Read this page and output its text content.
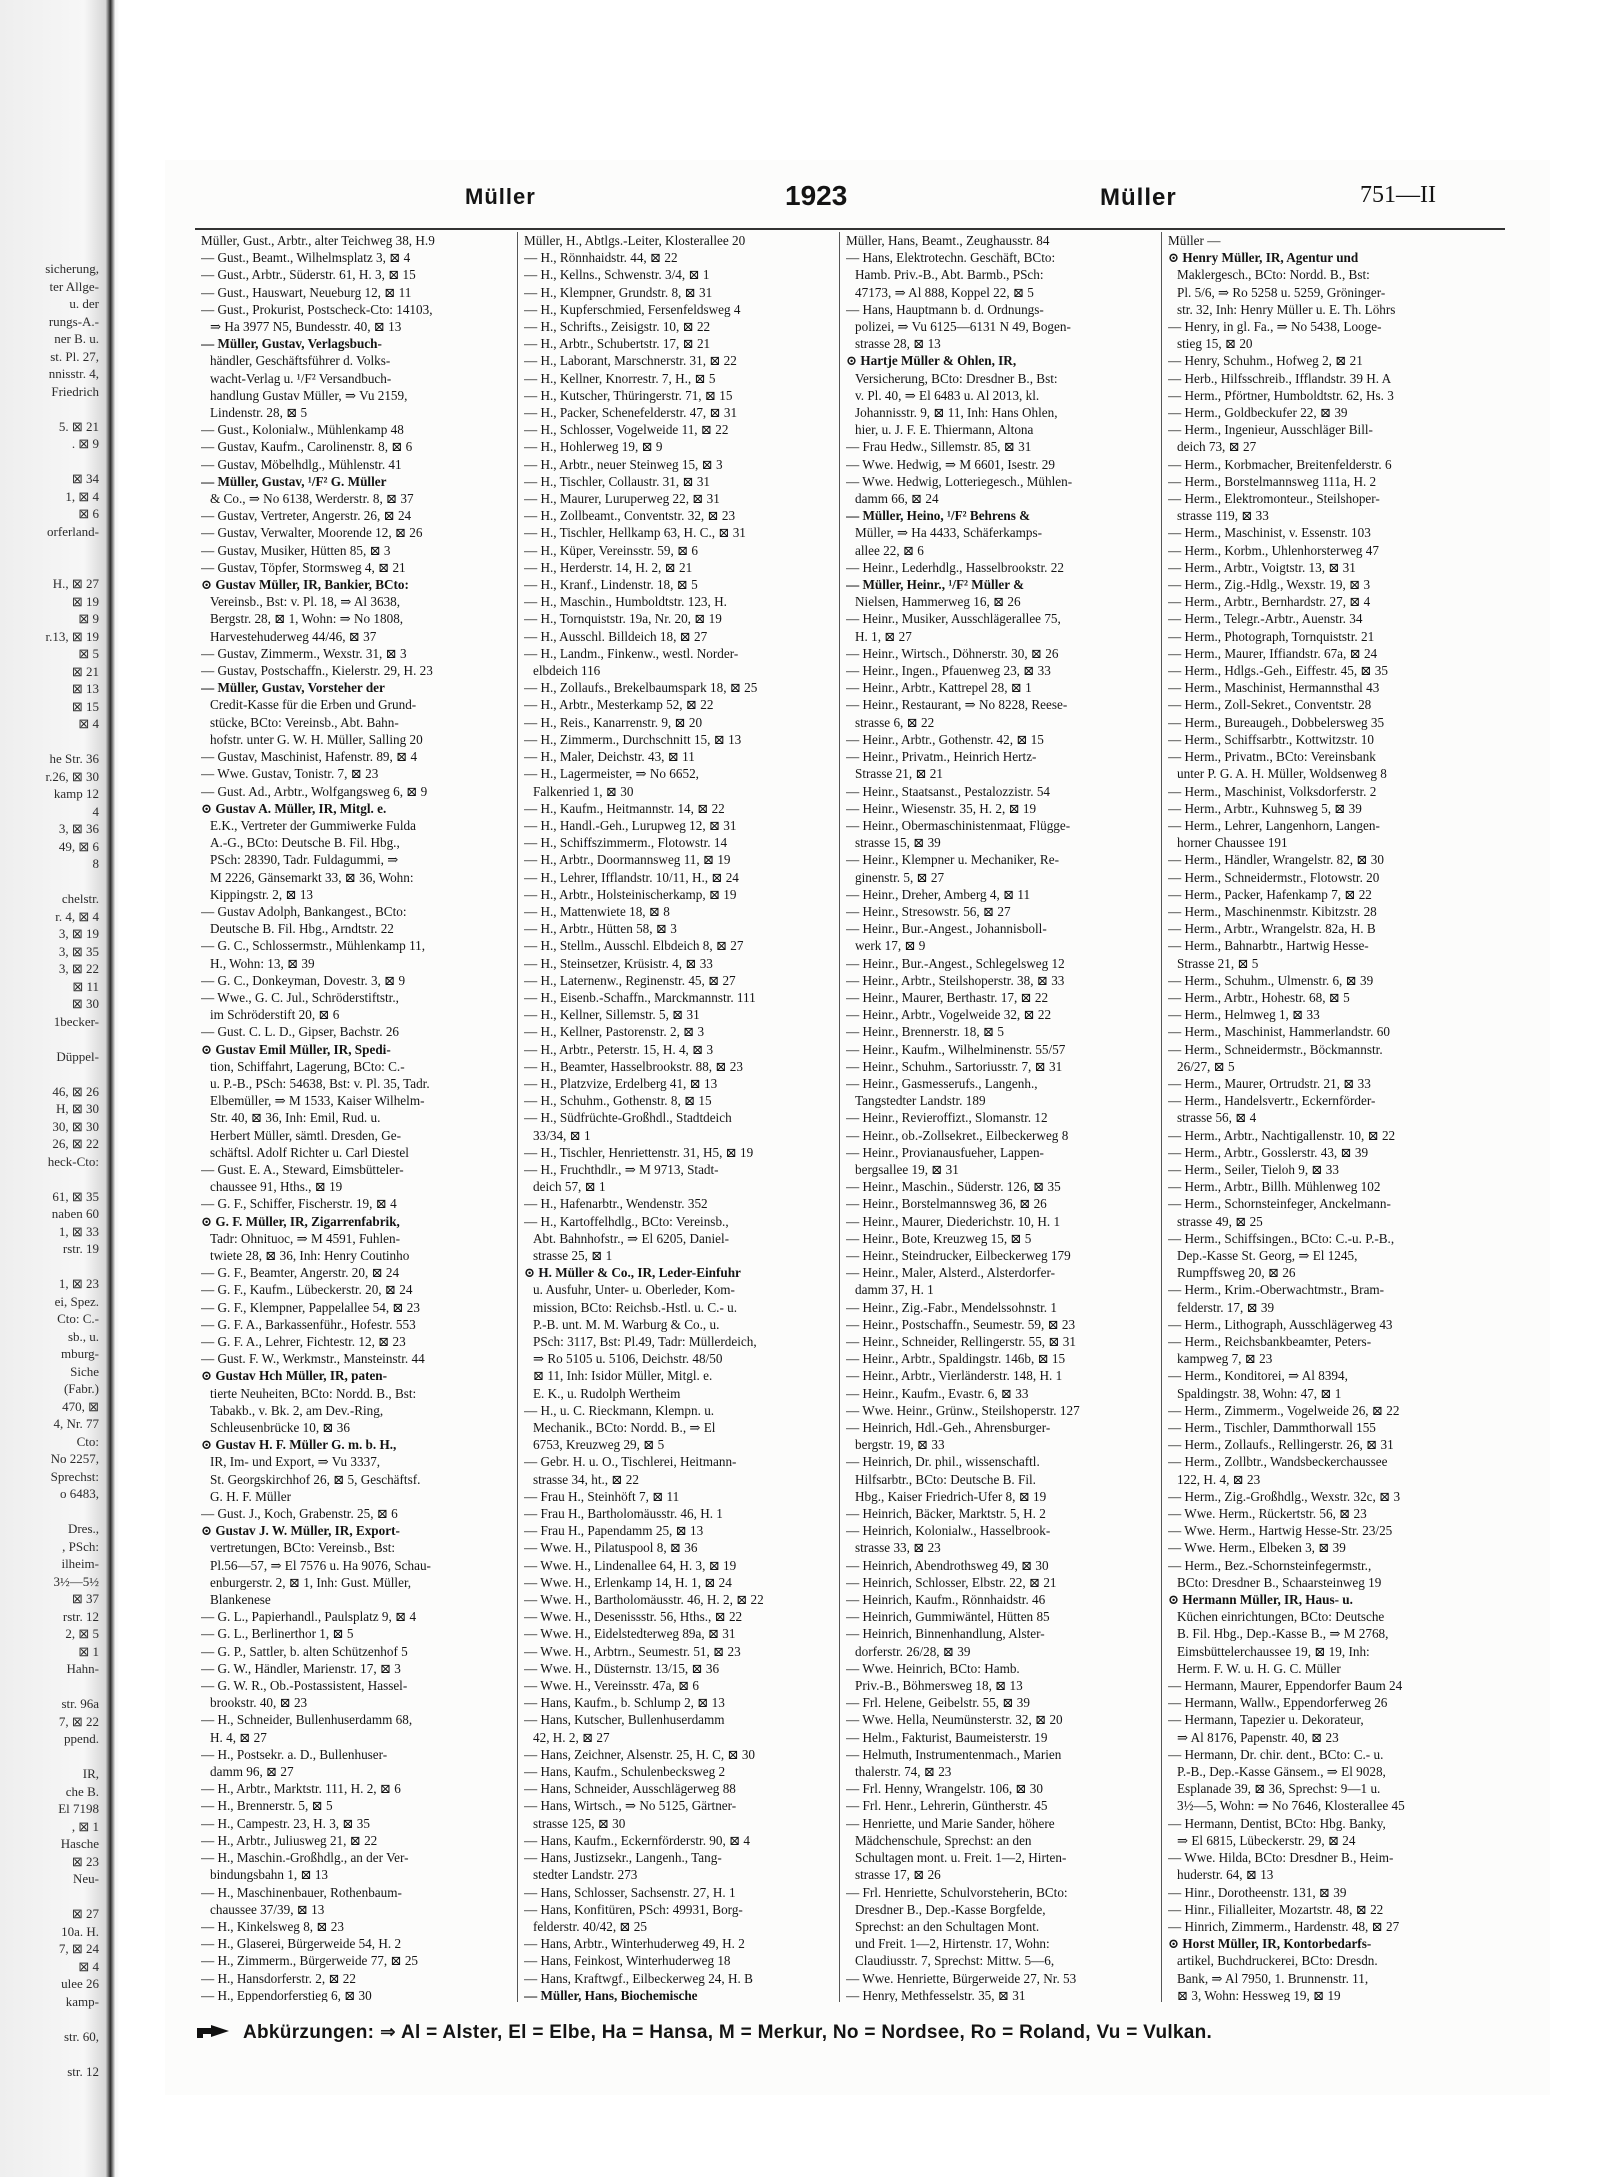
sicherung,
ter Allge-
u. der
rungs-A.-
ner B. u.
st. Pl. 27,
nnisstr. 4,
Friedrich

5. ⊠ 21
. ⊠ 9

⊠ 34
1, ⊠ 4
⊠ 6
orferland-

H., ⊠ 27
⊠ 19
⊠ 9
r.13, ⊠ 19
⊠ 5
⊠ 21
⊠ 13
⊠ 15
⊠ 4

he Str. 36
r.26, ⊠ 30
kamp 12
4
3, ⊠ 36
49, ⊠ 6
8

chelstr.
r. 4, ⊠ 4
3, ⊠ 19
3, ⊠ 35
3, ⊠ 22
⊠ 11
⊠ 30
1becker-

Düppel-

46, ⊠ 26
H, ⊠ 30
30, ⊠ 30
26, ⊠ 22
heck-Cto:

61, ⊠ 35
naben 60
1, ⊠ 33
rstr. 19

1, ⊠ 23
ei, Spez.
Cto: C.-
sb., u.
mburg-
Siche
(Fabr.)
470, ⊠
4, Nr. 77
Cto:
No 2257,
Sprechst:
o 6483,

Dres.,
, PSch:
ilheim-
3½—5½
⊠ 37
rstr. 12
2, ⊠ 5
⊠ 1
Hahn-

str. 96a
7, ⊠ 22
ppend.

IR,
che B.
El 7198
, ⊠ 1
Hasche
⊠ 23
Neu-

⊠ 27
10a. H.
7, ⊠ 24
⊠ 4
ulee 26
kamp-

str. 60,

str. 12
Müller	1923	Müller	751—II
Müller, Gust., Arbtr., alter Teichweg 38, H.9
— Gust., Beamt., Wilhelmsplatz 3, ⊠ 4
— Gust., Arbtr., Süderstr. 61, H. 3, ⊠ 15
— Gust., Hauswart, Neueburg 12, ⊠ 11
— Gust., Prokurist, Postscheck-Cto: 14103,
⇒ Ha 3977 N5, Bundesstr. 40, ⊠ 13
— Müller, Gustav, Verlagsbuch-
händler, Geschäftsführer d. Volks-
wacht-Verlag u. ¹/F² Versandbuch-
handlung Gustav Müller, ⇒ Vu 2159,
Lindenstr. 28, ⊠ 5
— Gust., Kolonialw., Mühlenkamp 48
— Gustav, Kaufm., Carolinenstr. 8, ⊠ 6
— Gustav, Möbelhdlg., Mühlenstr. 41
— Müller, Gustav, ¹/F² G. Müller
& Co., ⇒ No 6138, Werderstr. 8, ⊠ 37
— Gustav, Vertreter, Angerstr. 26, ⊠ 24
— Gustav, Verwalter, Moorende 12, ⊠ 26
— Gustav, Musiker, Hütten 85, ⊠ 3
— Gustav, Töpfer, Stormsweg 4, ⊠ 21
⊙ Gustav Müller, IR, Bankier, BCto:
Vereinsb., Bst: v. Pl. 18, ⇒ Al 3638,
Bergstr. 28, ⊠ 1, Wohn: ⇒ No 1808,
Harvestehuderweg 44/46, ⊠ 37
— Gustav, Zimmerm., Wexstr. 31, ⊠ 3
— Gustav, Postschaffn., Kielerstr. 29, H. 23
— Müller, Gustav, Vorsteher der
Credit-Kasse für die Erben und Grund-
stücke, BCto: Vereinsb., Abt. Bahn-
hofstr. unter G. W. H. Müller, Salling 20
— Gustav, Maschinist, Hafenstr. 89, ⊠ 4
— Wwe. Gustav, Tonistr. 7, ⊠ 23
— Gust. Ad., Arbtr., Wolfgangsweg 6, ⊠ 9
⊙ Gustav A. Müller, IR, Mitgl. e.
E.K., Vertreter der Gummiwerke Fulda
A.-G., BCto: Deutsche B. Fil. Hbg.,
PSch: 28390, Tadr. Fuldagummi, ⇒
M 2226, Gänsemarkt 33, ⊠ 36, Wohn:
Kippingstr. 2, ⊠ 13
— Gustav Adolph, Bankangest., BCto:
Deutsche B. Fil. Hbg., Arndtstr. 22
— G. C., Schlossermstr., Mühlenkamp 11,
H., Wohn: 13, ⊠ 39
— G. C., Donkeyman, Dovestr. 3, ⊠ 9
— Wwe., G. C. Jul., Schröderstiftstr.,
im Schröderstift 20, ⊠ 6
— Gust. C. L. D., Gipser, Bachstr. 26
⊙ Gustav Emil Müller, IR, Spedi-
tion, Schiffahrt, Lagerung, BCto: C.-
u. P.-B., PSch: 54638, Bst: v. Pl. 35, Tadr.
Elbemüller, ⇒ M 1533, Kaiser Wilhelm-
Str. 40, ⊠ 36, Inh: Emil, Rud. u.
Herbert Müller, sämtl. Dresden, Ge-
schäftsl. Adolf Richter u. Carl Diestel
— Gust. E. A., Steward, Eimsbütteler-
chaussee 91, Hths., ⊠ 19
— G. F., Schiffer, Fischerstr. 19, ⊠ 4
⊙ G. F. Müller, IR, Zigarrenfabrik,
Tadr: Ohnituoc, ⇒ M 4591, Fuhlen-
twiete 28, ⊠ 36, Inh: Henry Coutinho
— G. F., Beamter, Angerstr. 20, ⊠ 24
— G. F., Kaufm., Lübeckerstr. 20, ⊠ 24
— G. F., Klempner, Pappelallee 54, ⊠ 23
— G. F. A., Barkassenführ., Hofestr. 553
— G. F. A., Lehrer, Fichtestr. 12, ⊠ 23
— Gust. F. W., Werkmstr., Mansteinstr. 44
⊙ Gustav Hch Müller, IR, paten-
tierte Neuheiten, BCto: Nordd. B., Bst:
Tabakb., v. Bk. 2, am Dev.-Ring,
Schleusenbrücke 10, ⊠ 36
⊙ Gustav H. F. Müller G. m. b. H.,
IR, Im- und Export, ⇒ Vu 3337,
St. Georgskirchhof 26, ⊠ 5, Geschäftsf.
G. H. F. Müller
— Gust. J., Koch, Grabenstr. 25, ⊠ 6
⊙ Gustav J. W. Müller, IR, Export-
vertretungen, BCto: Vereinsb., Bst:
Pl.56—57, ⇒ El 7576 u. Ha 9076, Schau-
enburgerstr. 2, ⊠ 1, Inh: Gust. Müller,
Blankenese
— G. L., Papierhandl., Paulsplatz 9, ⊠ 4
— G. L., Berlinerthor 1, ⊠ 5
— G. P., Sattler, b. alten Schützenhof 5
— G. W., Händler, Marienstr. 17, ⊠ 3
— G. W. R., Ob.-Postassistent, Hassel-
brookstr. 40, ⊠ 23
— H., Schneider, Bullenhuserdamm 68,
H. 4, ⊠ 27
— H., Postsekr. a. D., Bullenhuser-
damm 96, ⊠ 27
— H., Arbtr., Marktstr. 111, H. 2, ⊠ 6
— H., Brennerstr. 5, ⊠ 5
— H., Campestr. 23, H. 3, ⊠ 35
— H., Arbtr., Juliusweg 21, ⊠ 22
— H., Maschin.-Großhdlg., an der Ver-
bindungsbahn 1, ⊠ 13
— H., Maschinenbauer, Rothenbaum-
chaussee 37/39, ⊠ 13
— H., Kinkelsweg 8, ⊠ 23
— H., Glaserei, Bürgerweide 54, H. 2
— H., Zimmerm., Bürgerweide 77, ⊠ 25
— H., Hansdorferstr. 2, ⊠ 22
— H., Eppendorferstieg 6, ⊠ 30
Müller, H., Abtlgs.-Leiter, Klosterallee 20
— H., Rönnhaidstr. 44, ⊠ 22
— H., Kellns., Schwenstr. 3/4, ⊠ 1
— H., Klempner, Grundstr. 8, ⊠ 31
— H., Kupferschmied, Fersenfeldsweg 4
— H., Schrifts., Zeisigstr. 10, ⊠ 22
— H., Arbtr., Schubertstr. 17, ⊠ 21
— H., Laborant, Marschnerstr. 31, ⊠ 22
— H., Kellner, Knorrestr. 7, H., ⊠ 5
— H., Kutscher, Thüringerstr. 71, ⊠ 15
— H., Packer, Schenefelderstr. 47, ⊠ 31
— H., Schlosser, Vogelweide 11, ⊠ 22
— H., Hohlerweg 19, ⊠ 9
— H., Arbtr., neuer Steinweg 15, ⊠ 3
— H., Tischler, Collaustr. 31, ⊠ 31
— H., Maurer, Luruperweg 22, ⊠ 31
— H., Zollbeamt., Conventstr. 32, ⊠ 23
— H., Tischler, Hellkamp 63, H. C., ⊠ 31
— H., Küper, Vereinsstr. 59, ⊠ 6
— H., Herderstr. 14, H. 2, ⊠ 21
— H., Kranf., Lindenstr. 18, ⊠ 5
— H., Maschin., Humboldtstr. 123, H.
— H., Tornquiststr. 19a, Nr. 20, ⊠ 19
— H., Ausschl. Billdeich 18, ⊠ 27
— H., Landm., Finkenw., westl. Norder-
elbdeich 116
— H., Zollaufs., Brekelbaumspark 18, ⊠ 25
— H., Arbtr., Mesterkamp 52, ⊠ 22
— H., Reis., Kanarrenstr. 9, ⊠ 20
— H., Zimmerm., Durchschnitt 15, ⊠ 13
— H., Maler, Deichstr. 43, ⊠ 11
— H., Lagermeister, ⇒ No 6652,
Falkenried 1, ⊠ 30
— H., Kaufm., Heitmannstr. 14, ⊠ 22
— H., Handl.-Geh., Lurupweg 12, ⊠ 31
— H., Schiffszimmerm., Flotowstr. 14
— H., Arbtr., Doormannsweg 11, ⊠ 19
— H., Lehrer, Ifflandstr. 10/11, H., ⊠ 24
— H., Arbtr., Holsteinischerkamp, ⊠ 19
— H., Mattenwiete 18, ⊠ 8
— H., Arbtr., Hütten 58, ⊠ 3
— H., Stellm., Ausschl. Elbdeich 8, ⊠ 27
— H., Steinsetzer, Krüsistr. 4, ⊠ 33
— H., Laternenw., Reginenstr. 45, ⊠ 27
— H., Eisenb.-Schaffn., Marckmannstr. 111
— H., Kellner, Sillemstr. 5, ⊠ 31
— H., Kellner, Pastorenstr. 2, ⊠ 3
— H., Arbtr., Peterstr. 15, H. 4, ⊠ 3
— H., Beamter, Hasselbrookstr. 88, ⊠ 23
— H., Platzvize, Erdelberg 41, ⊠ 13
— H., Schuhm., Gothenstr. 8, ⊠ 15
— H., Südfrüchte-Großhdl., Stadtdeich
33/34, ⊠ 1
— H., Tischler, Henriettenstr. 31, H5, ⊠ 19
— H., Fruchthdlr., ⇒ M 9713, Stadt-
deich 57, ⊠ 1
— H., Hafenarbtr., Wendenstr. 352
— H., Kartoffelhdlg., BCto: Vereinsb.,
Abt. Bahnhofstr., ⇒ El 6205, Daniel-
strasse 25, ⊠ 1
⊙ H. Müller & Co., IR, Leder-Einfuhr
u. Ausfuhr, Unter- u. Oberleder, Kom-
mission, BCto: Reichsb.-Hstl. u. C.- u.
P.-B. unt. M. M. Warburg & Co., u.
PSch: 3117, Bst: Pl.49, Tadr: Müllerdeich,
⇒ Ro 5105 u. 5106, Deichstr. 48/50
⊠ 11, Inh: Isidor Müller, Mitgl. e.
E. K., u. Rudolph Wertheim
— H., u. C. Rieckmann, Klempn. u.
Mechanik., BCto: Nordd. B., ⇒ El
6753, Kreuzweg 29, ⊠ 5
— Gebr. H. u. O., Tischlerei, Heitmann-
strasse 34, ht., ⊠ 22
— Frau H., Steinhöft 7, ⊠ 11
— Frau H., Bartholomäusstr. 46, H. 1
— Frau H., Papendamm 25, ⊠ 13
— Wwe. H., Pilatuspool 8, ⊠ 36
— Wwe. H., Lindenallee 64, H. 3, ⊠ 19
— Wwe. H., Erlenkamp 14, H. 1, ⊠ 24
— Wwe. H., Bartholomäusstr. 46, H. 2, ⊠ 22
— Wwe. H., Desenissstr. 56, Hths., ⊠ 22
— Wwe. H., Eidelstedterweg 89a, ⊠ 31
— Wwe. H., Arbtrn., Seumestr. 51, ⊠ 23
— Wwe. H., Düsternstr. 13/15, ⊠ 36
— Wwe. H., Vereinsstr. 47a, ⊠ 6
— Hans, Kaufm., b. Schlump 2, ⊠ 13
— Hans, Kutscher, Bullenhuserdamm
42, H. 2, ⊠ 27
— Hans, Zeichner, Alsenstr. 25, H. C, ⊠ 30
— Hans, Kaufm., Schulenbecksweg 2
— Hans, Schneider, Ausschlägerweg 88
— Hans, Wirtsch., ⇒ No 5125, Gärtner-
strasse 125, ⊠ 30
— Hans, Kaufm., Eckernförderstr. 90, ⊠ 4
— Hans, Justizsekr., Langenh., Tang-
stedter Landstr. 273
— Hans, Schlosser, Sachsenstr. 27, H. 1
— Hans, Konfitüren, PSch: 49931, Borg-
felderstr. 40/42, ⊠ 25
— Hans, Arbtr., Winterhuderweg 49, H. 2
— Hans, Feinkost, Winterhuderweg 18
— Hans, Kraftwgf., Eilbeckerweg 24, H. B
— Müller, Hans, Biochemische
Müller, Hans, Beamt., Zeughausstr. 84
— Hans, Elektrotechn. Geschäft, BCto:
Hamb. Priv.-B., Abt. Barmb., PSch:
47173, ⇒ Al 888, Koppel 22, ⊠ 5
— Hans, Hauptmann b. d. Ordnungs-
polizei, ⇒ Vu 6125—6131 N 49, Bogen-
strasse 28, ⊠ 13
⊙ Hartje Müller & Ohlen, IR,
Versicherung, BCto: Dresdner B., Bst:
v. Pl. 40, ⇒ El 6483 u. Al 2013, kl.
Johannisstr. 9, ⊠ 11, Inh: Hans Ohlen,
hier, u. J. F. E. Thiermann, Altona
— Frau Hedw., Sillemstr. 85, ⊠ 31
— Wwe. Hedwig, ⇒ M 6601, Isestr. 29
— Wwe. Hedwig, Lotteriegesch., Mühlen-
damm 66, ⊠ 24
— Müller, Heino, ¹/F² Behrens &
Müller, ⇒ Ha 4433, Schäferkamps-
allee 22, ⊠ 6
— Heinr., Lederhdlg., Hasselbrookstr. 22
— Müller, Heinr., ¹/F² Müller &
Nielsen, Hammerweg 16, ⊠ 26
— Heinr., Musiker, Ausschlägerallee 75,
H. 1, ⊠ 27
— Heinr., Wirtsch., Döhnerstr. 30, ⊠ 26
— Heinr., Ingen., Pfauenweg 23, ⊠ 33
— Heinr., Arbtr., Kattrepel 28, ⊠ 1
— Heinr., Restaurant, ⇒ No 8228, Reese-
strasse 6, ⊠ 22
— Heinr., Arbtr., Gothenstr. 42, ⊠ 15
— Heinr., Privatm., Heinrich Hertz-
Strasse 21, ⊠ 21
— Heinr., Staatsanst., Pestalozzistr. 54
— Heinr., Wiesenstr. 35, H. 2, ⊠ 19
— Heinr., Obermaschinistenmaat, Flügge-
strasse 15, ⊠ 39
— Heinr., Klempner u. Mechaniker, Re-
ginenstr. 5, ⊠ 27
— Heinr., Dreher, Amberg 4, ⊠ 11
— Heinr., Stresowstr. 56, ⊠ 27
— Heinr., Bur.-Angest., Johannisboll-
werk 17, ⊠ 9
— Heinr., Bur.-Angest., Schlegelsweg 12
— Heinr., Arbtr., Steilshoperstr. 38, ⊠ 33
— Heinr., Maurer, Berthastr. 17, ⊠ 22
— Heinr., Arbtr., Vogelweide 32, ⊠ 22
— Heinr., Brennerstr. 18, ⊠ 5
— Heinr., Kaufm., Wilhelminenstr. 55/57
— Heinr., Schuhm., Sartoriusstr. 7, ⊠ 31
— Heinr., Gasmesserufs., Langenh.,
Tangstedter Landstr. 189
— Heinr., Revieroffizt., Slomanstr. 12
— Heinr., ob.-Zollsekret., Eilbeckerweg 8
— Heinr., Provianausfueher, Lappen-
bergsallee 19, ⊠ 31
— Heinr., Maschin., Süderstr. 126, ⊠ 35
— Heinr., Borstelmannsweg 36, ⊠ 26
— Heinr., Maurer, Diederichstr. 10, H. 1
— Heinr., Bote, Kreuzweg 15, ⊠ 5
— Heinr., Steindrucker, Eilbeckerweg 179
— Heinr., Maler, Alsterd., Alsterdorfer-
damm 37, H. 1
— Heinr., Zig.-Fabr., Mendelssohnstr. 1
— Heinr., Postschaffn., Seumestr. 59, ⊠ 23
— Heinr., Schneider, Rellingerstr. 55, ⊠ 31
— Heinr., Arbtr., Spaldingstr. 146b, ⊠ 15
— Heinr., Arbtr., Vierländerstr. 148, H. 1
— Heinr., Kaufm., Evastr. 6, ⊠ 33
— Wwe. Heinr., Grünw., Steilshoperstr. 127
— Heinrich, Hdl.-Geh., Ahrensburger-
bergstr. 19, ⊠ 33
— Heinrich, Dr. phil., wissenschaftl.
Hilfsarbtr., BCto: Deutsche B. Fil.
Hbg., Kaiser Friedrich-Ufer 8, ⊠ 19
— Heinrich, Bäcker, Marktstr. 5, H. 2
— Heinrich, Kolonialw., Hasselbrook-
strasse 33, ⊠ 23
— Heinrich, Abendrothsweg 49, ⊠ 30
— Heinrich, Schlosser, Elbstr. 22, ⊠ 21
— Heinrich, Kaufm., Rönnhaidstr. 46
— Heinrich, Gummiwäntel, Hütten 85
— Heinrich, Binnenhandlung, Alster-
dorferstr. 26/28, ⊠ 39
— Wwe. Heinrich, BCto: Hamb.
Priv.-B., Böhmersweg 18, ⊠ 13
— Frl. Helene, Geibelstr. 55, ⊠ 39
— Wwe. Hella, Neumünsterstr. 32, ⊠ 20
— Helm., Fakturist, Baumeisterstr. 19
— Helmuth, Instrumentenmach., Marien
thalerstr. 74, ⊠ 23
— Frl. Henny, Wrangelstr. 106, ⊠ 30
— Frl. Henr., Lehrerin, Güntherstr. 45
— Henriette, und Marie Sander, höhere
Mädchenschule, Sprechst: an den
Schultagen mont. u. Freit. 1—2, Hirten-
strasse 17, ⊠ 26
— Frl. Henriette, Schulvorsteherin, BCto:
Dresdner B., Dep.-Kasse Borgfelde,
Sprechst: an den Schultagen Mont.
und Freit. 1—2, Hirtenstr. 17, Wohn:
Claudiusstr. 7, Sprechst: Mittw. 5—6,
— Wwe. Henriette, Bürgerweide 27, Nr. 53
— Henry, Methfesselstr. 35, ⊠ 31
Müller —
⊙ Henry Müller, IR, Agentur und
Maklergesch., BCto: Nordd. B., Bst:
Pl. 5/6, ⇒ Ro 5258 u. 5259, Gröninger-
str. 32, Inh: Henry Müller u. E. Th. Löhrs
— Henry, in gl. Fa., ⇒ No 5438, Looge-
stieg 15, ⊠ 20
— Henry, Schuhm., Hofweg 2, ⊠ 21
— Herb., Hilfsschreib., Ifflandstr. 39 H. A
— Herm., Pförtner, Humboldtstr. 62, Hs. 3
— Herm., Goldbeckufer 22, ⊠ 39
— Herm., Ingenieur, Ausschläger Bill-
deich 73, ⊠ 27
— Herm., Korbmacher, Breitenfelderstr. 6
— Herm., Borstelmannsweg 111a, H. 2
— Herm., Elektromonteur., Steilshoper-
strasse 119, ⊠ 33
— Herm., Maschinist, v. Essenstr. 103
— Herm., Korbm., Uhlenhorsterweg 47
— Herm., Arbtr., Voigtstr. 13, ⊠ 31
— Herm., Zig.-Hdlg., Wexstr. 19, ⊠ 3
— Herm., Arbtr., Bernhardstr. 27, ⊠ 4
— Herm., Telegr.-Arbtr., Auenstr. 34
— Herm., Photograph, Tornquiststr. 21
— Herm., Maurer, Iffiandstr. 67a, ⊠ 24
— Herm., Hdlgs.-Geh., Eiffestr. 45, ⊠ 35
— Herm., Maschinist, Hermannsthal 43
— Herm., Zoll-Sekret., Conventstr. 28
— Herm., Bureaugeh., Dobbelersweg 35
— Herm., Schiffsarbtr., Kottwitzstr. 10
— Herm., Privatm., BCto: Vereinsbank
unter P. G. A. H. Müller, Woldsenweg 8
— Herm., Maschinist, Volksdorferstr. 2
— Herm., Arbtr., Kuhnsweg 5, ⊠ 39
— Herm., Lehrer, Langenhorn, Langen-
horner Chaussee 191
— Herm., Händler, Wrangelstr. 82, ⊠ 30
— Herm., Schneidermstr., Flotowstr. 20
— Herm., Packer, Hafenkamp 7, ⊠ 22
— Herm., Maschinenmstr. Kibitzstr. 28
— Herm., Arbtr., Wrangelstr. 82a, H. B
— Herm., Bahnarbtr., Hartwig Hesse-
Strasse 21, ⊠ 5
— Herm., Schuhm., Ulmenstr. 6, ⊠ 39
— Herm., Arbtr., Hohestr. 68, ⊠ 5
— Herm., Helmweg 1, ⊠ 33
— Herm., Maschinist, Hammerlandstr. 60
— Herm., Schneidermstr., Böckmannstr.
26/27, ⊠ 5
— Herm., Maurer, Ortrudstr. 21, ⊠ 33
— Herm., Handelsvertr., Eckernförder-
strasse 56, ⊠ 4
— Herm., Arbtr., Nachtigallenstr. 10, ⊠ 22
— Herm., Arbtr., Gosslerstr. 43, ⊠ 39
— Herm., Seiler, Tieloh 9, ⊠ 33
— Herm., Arbtr., Billh. Mühlenweg 102
— Herm., Schornsteinfeger, Anckelmann-
strasse 49, ⊠ 25
— Herm., Schiffsingen., BCto: C.-u. P.-B.,
Dep.-Kasse St. Georg, ⇒ El 1245,
Rumpffsweg 20, ⊠ 26
— Herm., Krim.-Oberwachtmstr., Bram-
felderstr. 17, ⊠ 39
— Herm., Lithograph, Ausschlägerweg 43
— Herm., Reichsbankbeamter, Peters-
kampweg 7, ⊠ 23
— Herm., Konditorei, ⇒ Al 8394,
Spaldingstr. 38, Wohn: 47, ⊠ 1
— Herm., Zimmerm., Vogelweide 26, ⊠ 22
— Herm., Tischler, Dammthorwall 155
— Herm., Zollaufs., Rellingerstr. 26, ⊠ 31
— Herm., Zollbtr., Wandsbeckerchaussee
122, H. 4, ⊠ 23
— Herm., Zig.-Großhdlg., Wexstr. 32c, ⊠ 3
— Wwe. Herm., Rückertstr. 56, ⊠ 23
— Wwe. Herm., Hartwig Hesse-Str. 23/25
— Wwe. Herm., Elbeken 3, ⊠ 39
— Herm., Bez.-Schornsteinfegermstr.,
BCto: Dresdner B., Schaarsteinweg 19
⊙ Hermann Müller, IR, Haus- u.
Küchen einrichtungen, BCto: Deutsche
B. Fil. Hbg., Dep.-Kasse B., ⇒ M 2768,
Eimsbüttelerchaussee 19, ⊠ 19, Inh:
Herm. F. W. u. H. G. C. Müller
— Hermann, Maurer, Eppendorfer Baum 24
— Hermann, Wallw., Eppendorferweg 26
— Hermann, Tapezier u. Dekorateur,
⇒ Al 8176, Papenstr. 40, ⊠ 23
— Hermann, Dr. chir. dent., BCto: C.- u.
P.-B., Dep.-Kasse Gänsem., ⇒ El 9028,
Esplanade 39, ⊠ 36, Sprechst: 9—1 u.
3½—5, Wohn: ⇒ No 7646, Klosterallee 45
— Hermann, Dentist, BCto: Hbg. Banky,
⇒ El 6815, Lübeckerstr. 29, ⊠ 24
— Wwe. Hilda, BCto: Dresdner B., Heim-
huderstr. 64, ⊠ 13
— Hinr., Dorotheenstr. 131, ⊠ 39
— Hinr., Filialleiter, Mozartstr. 48, ⊠ 22
— Hinrich, Zimmerm., Hardenstr. 48, ⊠ 27
⊙ Horst Müller, IR, Kontorbedarfs-
artikel, Buchdruckerei, BCto: Dresdn.
Bank, ⇒ Al 7950, 1. Brunnenstr. 11,
⊠ 3, Wohn: Hessweg 19, ⊠ 19
Abkürzungen: ⇒ Al = Alster, El = Elbe, Ha = Hansa, M = Merkur, No = Nordsee, Ro = Roland, Vu = Vulkan.
